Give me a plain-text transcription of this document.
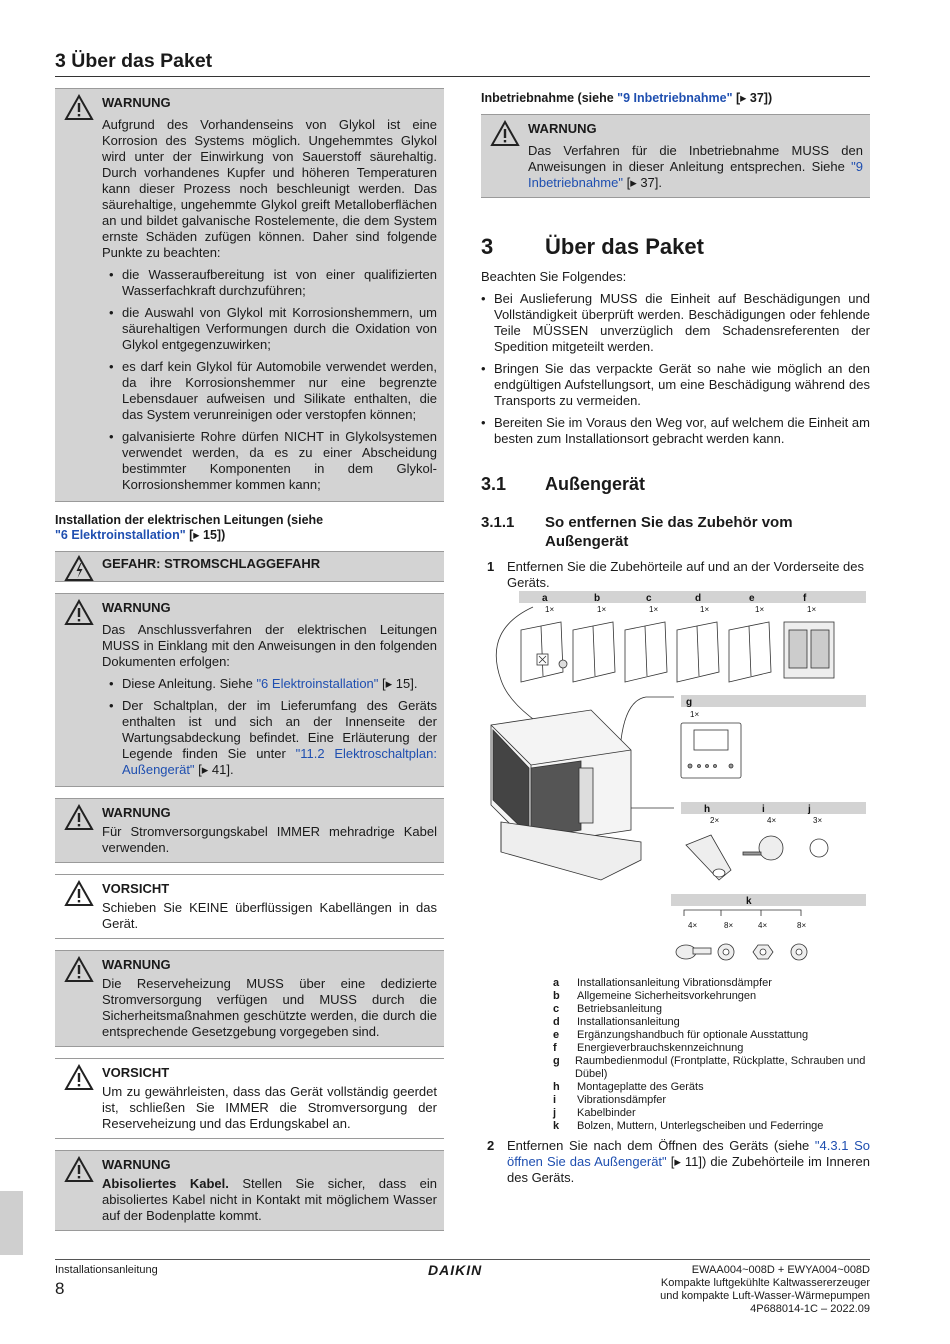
3 Über das Paket
WARNUNG

Aufgrund des Vorhandenseins von Glykol ist eine Korrosion des Systems möglich. Ungehemmtes Glykol wird unter der Einwirkung von Sauerstoff säurehaltig. Durch vorhandenes Kupfer und höheren Temperaturen kann dieser Prozess noch beschleunigt werden. Das säurehaltige, ungehemmte Glykol greift Metalloberflächen an und bildet galvanische Rostelemente, die dem System ernste Schäden zufügen können. Daher sind folgende Punkte zu beachten:

• die Wasseraufbereitung ist von einer qualifizierten Wasserfachkraft durchzuführen;
• die Auswahl von Glykol mit Korrosionshemmern, um säurehaltigen Verformungen durch die Oxidation von Glykol entgegenzuwirken;
• es darf kein Glykol für Automobile verwendet werden, da ihre Korrosionshemmer nur eine begrenzte Lebensdauer aufweisen und Silikate enthalten, die das System verunreinigen oder verstopfen können;
• galvanisierte Rohre dürfen NICHT in Glykolsystemen verwendet werden, da es zu einer Abscheidung bestimmter Komponenten in dem Glykol-Korrosionshemmer kommen kann;
Installation der elektrischen Leitungen (siehe
"6 Elektroinstallation" [▸ 15])
GEFAHR: STROMSCHLAGGEFAHR
WARNUNG

Das Anschlussverfahren der elektrischen Leitungen MUSS in Einklang mit den Anweisungen in den folgenden Dokumenten erfolgen:

• Diese Anleitung. Siehe "6 Elektroinstallation" [▸ 15].
• Der Schaltplan, der im Lieferumfang des Geräts enthalten ist und sich an der Innenseite der Wartungsabdeckung befindet. Eine Erläuterung der Legende finden Sie unter "11.2 Elektroschaltplan: Außengerät" [▸ 41].
WARNUNG

Für Stromversorgungskabel IMMER mehradrige Kabel verwenden.

VORSICHT

Schieben Sie KEINE überflüssigen Kabellängen in das Gerät.

WARNUNG

Die Reserveheizung MUSS über eine dedizierte Stromversorgung verfügen und MUSS durch die Sicherheitsmaßnahmen geschützte werden, die durch die entsprechende Gesetzgebung vorgegeben sind.

VORSICHT

Um zu gewährleisten, dass das Gerät vollständig geerdet ist, schließen Sie IMMER die Stromversorgung der Reserveheizung und das Erdungskabel an.

WARNUNG

Abisoliertes Kabel. Stellen Sie sicher, dass ein abisoliertes Kabel nicht in Kontakt mit möglichem Wasser auf der Bodenplatte kommt.

Inbetriebnahme (siehe "9 Inbetriebnahme" [▸ 37])
WARNUNG

Das Verfahren für die Inbetriebnahme MUSS den Anweisungen in dieser Anleitung entsprechen. Siehe "9 Inbetriebnahme" [▸ 37].

3	Über das Paket
Beachten Sie Folgendes:
• Bei Auslieferung MUSS die Einheit auf Beschädigungen und Vollständigkeit überprüft werden. Beschädigungen oder fehlende Teile MÜSSEN unverzüglich dem Schadensreferenten der Spedition mitgeteilt werden.
• Bringen Sie das verpackte Gerät so nahe wie möglich an den endgültigen Aufstellungsort, um eine Beschädigung während des Transports zu vermeiden.
• Bereiten Sie im Voraus den Weg vor, auf welchem die Einheit am besten zum Installationsort gebracht werden kann.
3.1	Außengerät
3.1.1	So entfernen Sie das Zubehör vom Außengerät
1 Entfernen Sie die Zubehörteile auf und an der Vorderseite des Geräts.
a	b	c	d	e	f
1×	1×	1×	1×	1×	1×
g
1×
h	i	j
2×	4×	3×
k
4×	8×	4×	8×
a	Installationsanleitung Vibrationsdämpfer
b	Allgemeine Sicherheitsvorkehrungen
c	Betriebsanleitung
d	Installationsanleitung
e	Ergänzungshandbuch für optionale Ausstattung
f	Energieverbrauchskennzeichnung
g	Raumbedienmodul (Frontplatte, Rückplatte, Schrauben und Dübel)
h	Montageplatte des Geräts
i	Vibrationsdämpfer
j	Kabelbinder
k	Bolzen, Muttern, Unterlegscheiben und Federringe
2 Entfernen Sie nach dem Öffnen des Geräts (siehe "4.3.1 So öffnen Sie das Außengerät" [▸ 11]) die Zubehörteile im Inneren des Geräts.
Installationsanleitung
8
DAIKIN	EWAA004~008D + EWYA004~008D
Kompakte luftgekühlte Kaltwassererzeuger
und kompakte Luft-Wasser-Wärmepumpen
4P688014-1C – 2022.09
